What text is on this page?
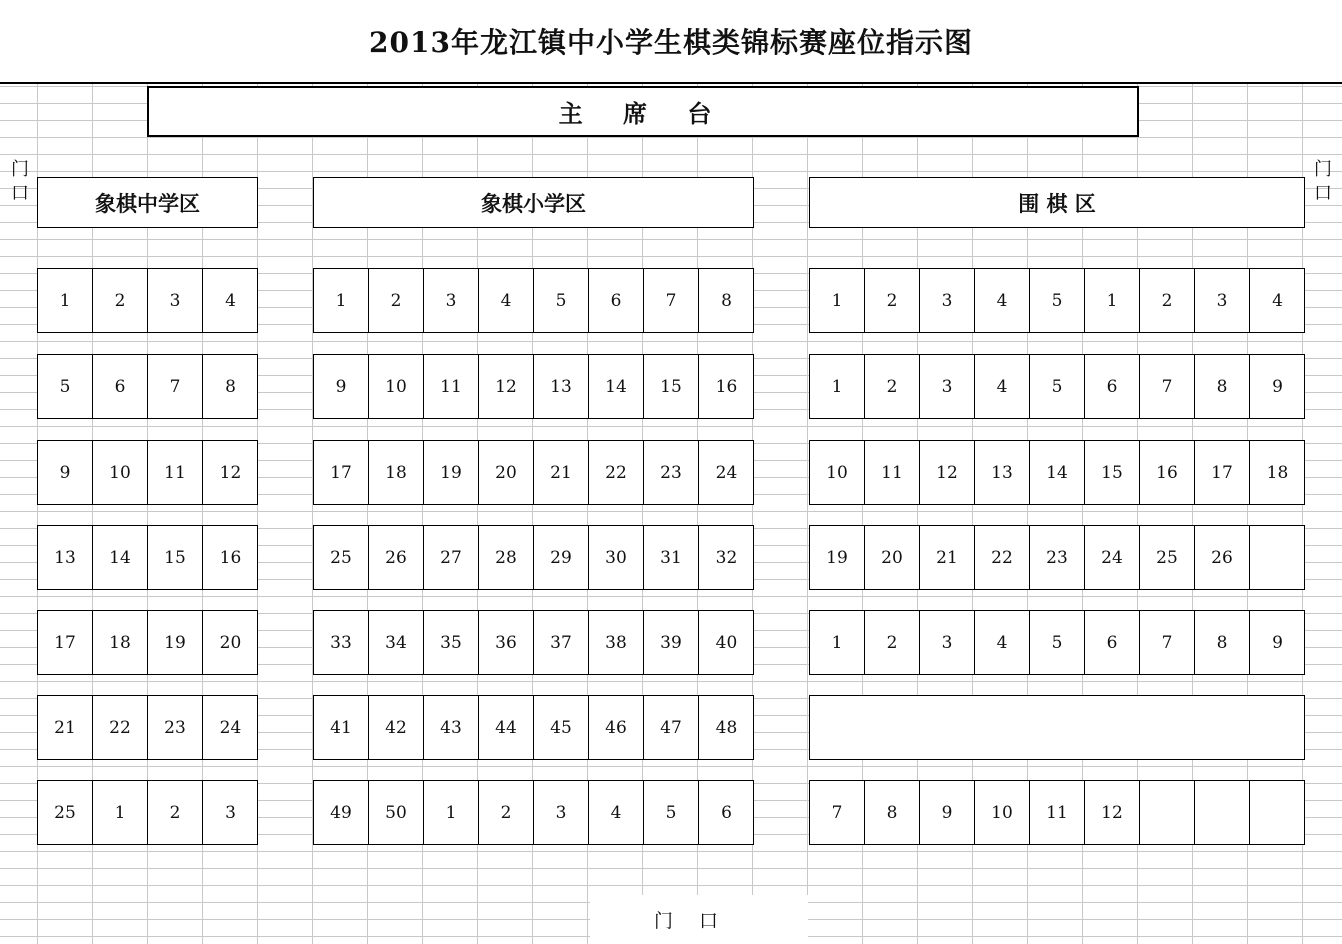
2013年龙江镇中小学生棋类锦标赛座位指示图
主 席 台
门口
门口
门口
象棋中学区	象棋小学区	围 棋 区
1	2	3	4
5	6	7	8
9	10	11	12
13	14	15	16
17	18	19	20
21	22	23	24
25	1	2	3
1	2	3	4	5	6	7	8
9	10	11	12	13	14	15	16
17	18	19	20	21	22	23	24
25	26	27	28	29	30	31	32
33	34	35	36	37	38	39	40
41	42	43	44	45	46	47	48
49	50	1	2	3	4	5	6
1	2	3	4	5	1	2	3	4
1	2	3	4	5	6	7	8	9
10	11	12	13	14	15	16	17	18
19	20	21	22	23	24	25	26
1	2	3	4	5	6	7	8	9
7	8	9	10	11	12
